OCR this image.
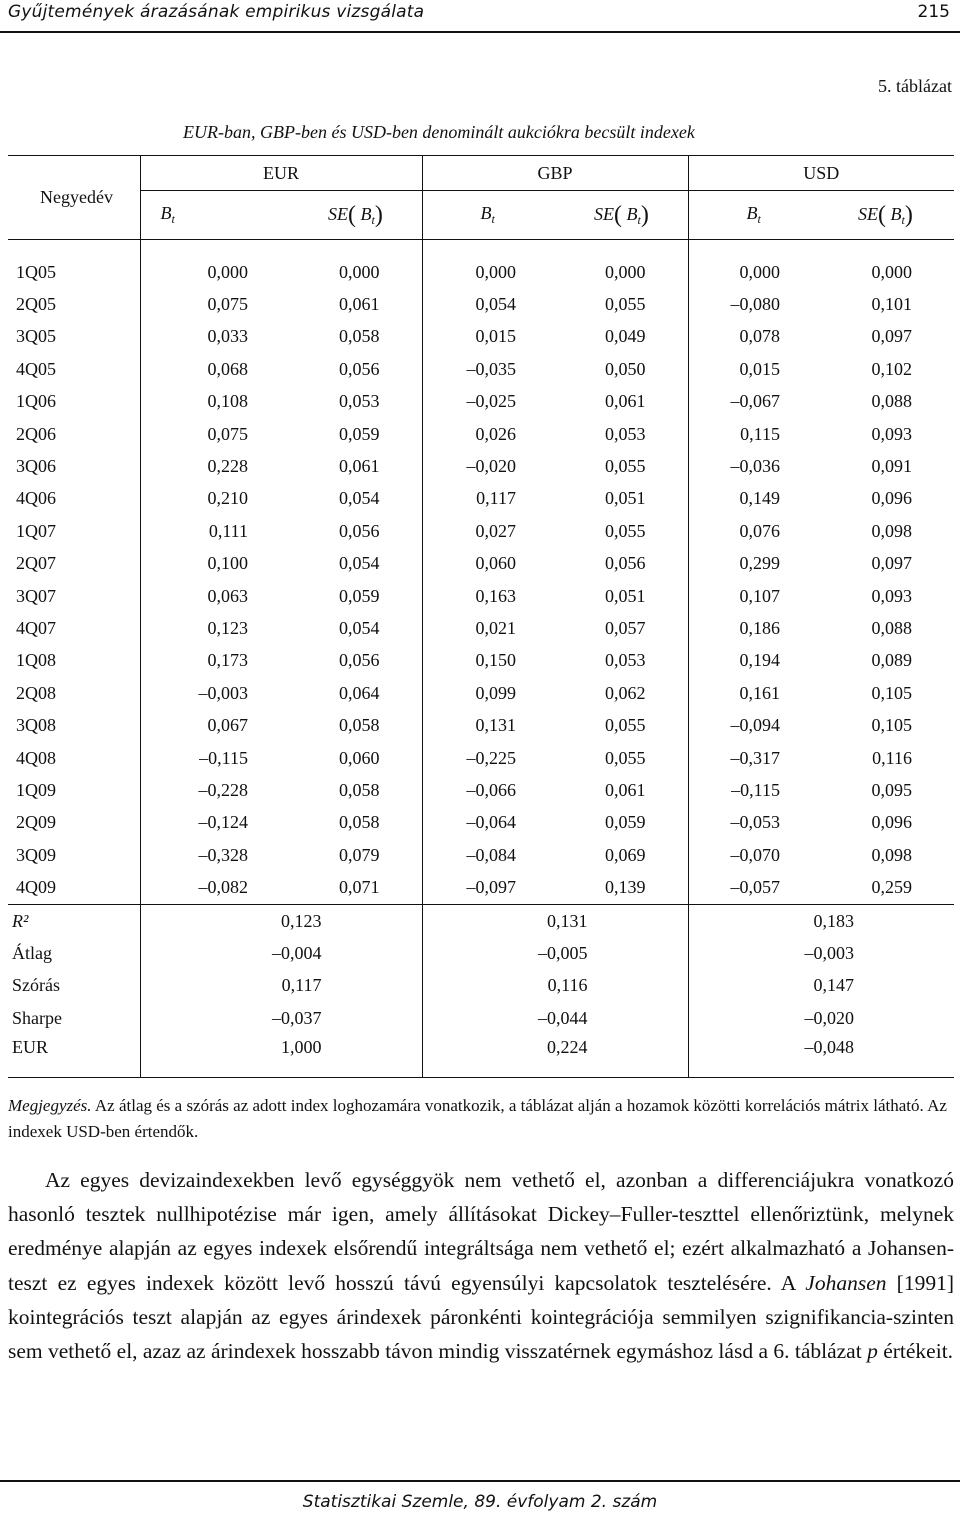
Gyűjtemények árazásának empirikus vizsgálata	215
5. táblázat
EUR-ban, GBP-ben és USD-ben denominált aukciókra becsült indexek
Negyedév	EUR		GBP		USD	
	$B_t$	SE( $B_t$)	$B_t$	SE( $B_t$)	$B_t$	SE( $B_t$)

1Q05	0,000	0,000	0,000	0,000	0,000	0,000
2Q05	0,075	0,061	0,054	0,055	–0,080	0,101
3Q05	0,033	0,058	0,015	0,049	0,078	0,097
4Q05	0,068	0,056	–0,035	0,050	0,015	0,102
1Q06	0,108	0,053	–0,025	0,061	–0,067	0,088
2Q06	0,075	0,059	0,026	0,053	0,115	0,093
3Q06	0,228	0,061	–0,020	0,055	–0,036	0,091
4Q06	0,210	0,054	0,117	0,051	0,149	0,096
1Q07	0,111	0,056	0,027	0,055	0,076	0,098
2Q07	0,100	0,054	0,060	0,056	0,299	0,097
3Q07	0,063	0,059	0,163	0,051	0,107	0,093
4Q07	0,123	0,054	0,021	0,057	0,186	0,088
1Q08	0,173	0,056	0,150	0,053	0,194	0,089
2Q08	–0,003	0,064	0,099	0,062	0,161	0,105
3Q08	0,067	0,058	0,131	0,055	–0,094	0,105
4Q08	–0,115	0,060	–0,225	0,055	–0,317	0,116
1Q09	–0,228	0,058	–0,066	0,061	–0,115	0,095
2Q09	–0,124	0,058	–0,064	0,059	–0,053	0,096
3Q09	–0,328	0,079	–0,084	0,069	–0,070	0,098
4Q09	–0,082	0,071	–0,097	0,139	–0,057	0,259
R²	0,123		0,131		0,183	
Átlag	–0,004		–0,005		–0,003	
Szórás	0,117		0,116		0,147	
Sharpe	–0,037		–0,044		–0,020	
EUR	1,000		0,224		–0,048	
Megjegyzés. Az átlag és a szórás az adott index loghozamára vonatkozik, a táblázat alján a hozamok közötti korrelációs mátrix látható. Az indexek USD-ben értendők.

Az egyes devizaindexekben levő egységgyök nem vethető el, azonban a differenciájukra vonatkozó hasonló tesztek nullhipotézise már igen, amely állításokat Dickey–Fuller-teszttel ellenőriztünk, melynek eredménye alapján az egyes indexek elsőrendű integráltsága nem vethető el; ezért alkalmazható a Johansen-teszt ez egyes indexek között levő hosszú távú egyensúlyi kapcsolatok tesztelésére. A Johansen [1991] kointegrációs teszt alapján az egyes árindexek páronkénti kointegrációja semmilyen szignifikancia-szinten sem vethető el, azaz az árindexek hosszabb távon mindig visszatérnek egymáshoz lásd a 6. táblázat p értékeit.

Statisztikai Szemle, 89. évfolyam 2. szám
